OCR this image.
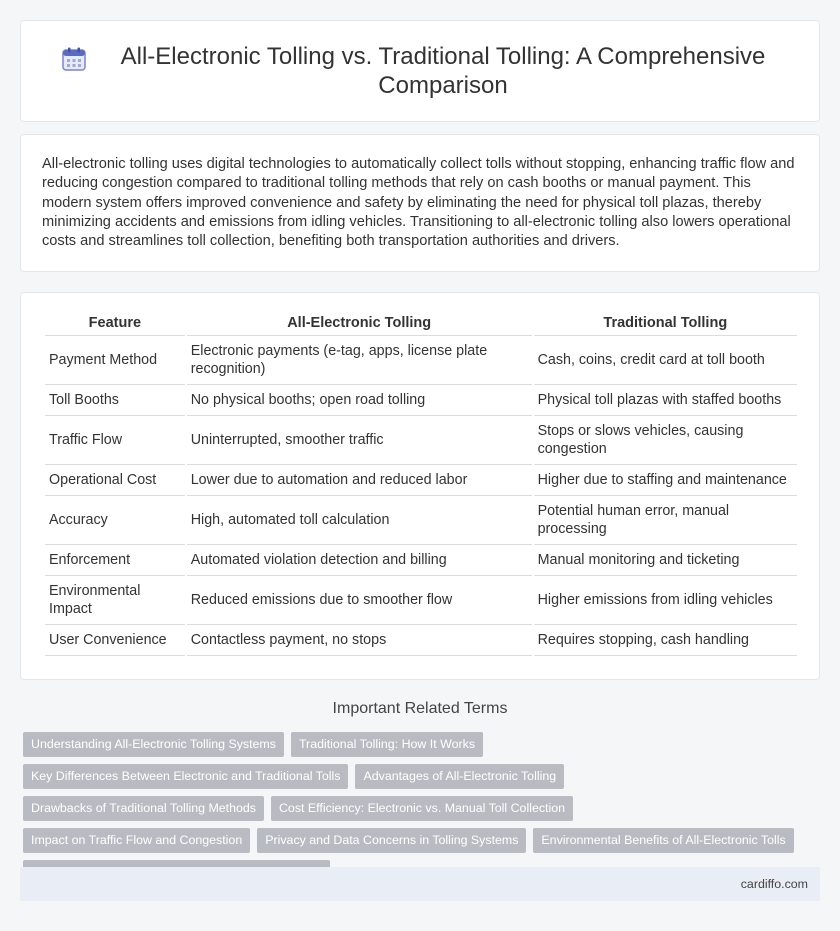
All-Electronic Tolling vs. Traditional Tolling: A Comprehensive Comparison

All-electronic tolling uses digital technologies to automatically collect tolls without stopping, enhancing traffic flow and reducing congestion compared to traditional tolling methods that rely on cash booths or manual payment. This modern system offers improved convenience and safety by eliminating the need for physical toll plazas, thereby minimizing accidents and emissions from idling vehicles. Transitioning to all-electronic tolling also lowers operational costs and streamlines toll collection, benefiting both transportation authorities and drivers.

Feature	All-Electronic Tolling	Traditional Tolling
Payment Method	Electronic payments (e-tag, apps, license plate recognition)	Cash, coins, credit card at toll booth
Toll Booths	No physical booths; open road tolling	Physical toll plazas with staffed booths
Traffic Flow	Uninterrupted, smoother traffic	Stops or slows vehicles, causing congestion
Operational Cost	Lower due to automation and reduced labor	Higher due to staffing and maintenance
Accuracy	High, automated toll calculation	Potential human error, manual processing
Enforcement	Automated violation detection and billing	Manual monitoring and ticketing
Environmental Impact	Reduced emissions due to smoother flow	Higher emissions from idling vehicles
User Convenience	Contactless payment, no stops	Requires stopping, cash handling
Important Related Terms
Understanding All-Electronic Tolling Systems	Traditional Tolling: How It Works
Key Differences Between Electronic and Traditional Tolls	Advantages of All-Electronic Tolling
Drawbacks of Traditional Tolling Methods	Cost Efficiency: Electronic vs. Manual Toll Collection
Impact on Traffic Flow and Congestion	Privacy and Data Concerns in Tolling Systems	Environmental Benefits of All-Electronic Tolls
cardiffo.com
